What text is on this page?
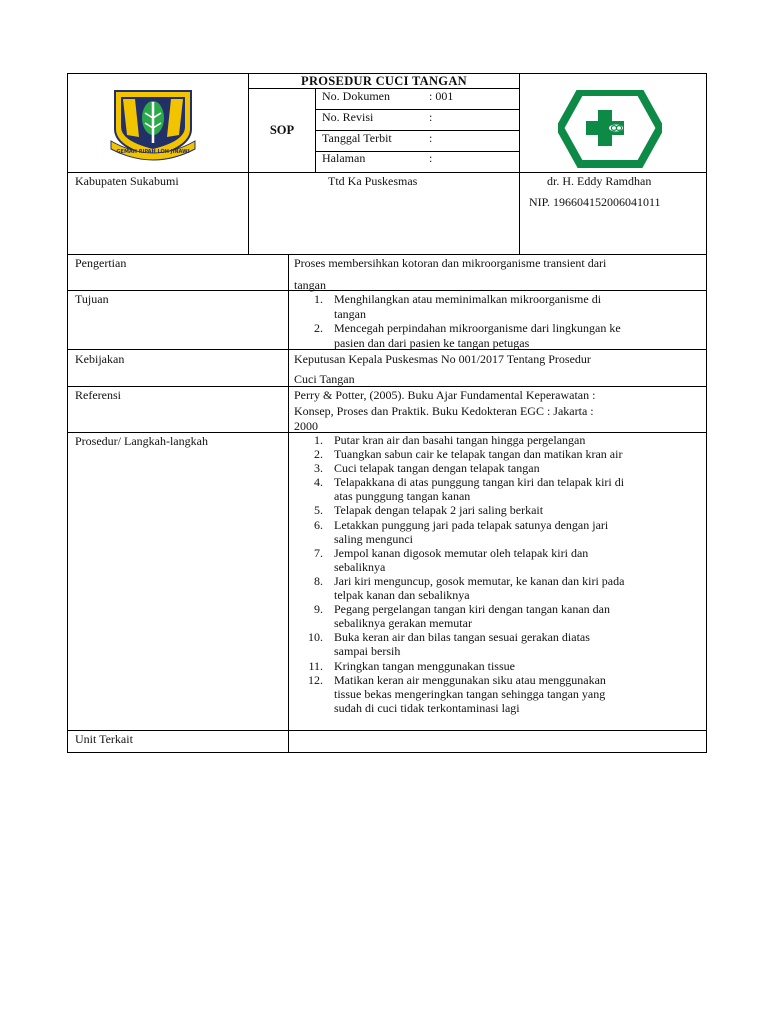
GEMAH RIPAH LOH JINAWI
PROSEDUR CUCI TANGAN
SOP
No. Dokumen	: 001
No. Revisi	:
Tanggal Terbit	:
Halaman	:
Kabupaten Sukabumi	Ttd Ka Puskesmas	dr. H. Eddy Ramdhan
NIP. 196604152006041011
Pengertian	Proses membersihkan kotoran dan mikroorganisme transient dari
tangan
Tujuan	1. Menghilangkan atau meminimalkan mikroorganisme di
tangan
2. Mencegah perpindahan mikroorganisme dari lingkungan ke
pasien dan dari pasien ke tangan petugas
Kebijakan	Keputusan Kepala Puskesmas No 001/2017 Tentang Prosedur
Cuci Tangan
Referensi	Perry & Potter, (2005). Buku Ajar Fundamental Keperawatan :
Konsep, Proses dan Praktik. Buku Kedokteran EGC : Jakarta :
2000
Prosedur/ Langkah-langkah	1. Putar kran air dan basahi tangan hingga pergelangan
2. Tuangkan sabun cair ke telapak tangan dan matikan kran air
3. Cuci telapak tangan dengan telapak tangan
4. Telapakkana di atas punggung tangan kiri dan telapak kiri di
atas punggung tangan kanan
5. Telapak dengan telapak 2 jari saling berkait
6. Letakkan punggung jari pada telapak satunya dengan jari
saling mengunci
7. Jempol kanan digosok memutar oleh telapak kiri dan
sebaliknya
8. Jari kiri menguncup, gosok memutar, ke kanan dan kiri pada
telpak kanan dan sebaliknya
9. Pegang pergelangan tangan kiri dengan tangan kanan dan
sebaliknya gerakan memutar
10. Buka keran air dan bilas tangan sesuai gerakan diatas
sampai bersih
11. Kringkan tangan menggunakan tissue
12. Matikan keran air menggunakan siku atau menggunakan
tissue bekas mengeringkan tangan sehingga tangan yang
sudah di cuci tidak terkontaminasi lagi
Unit Terkait
